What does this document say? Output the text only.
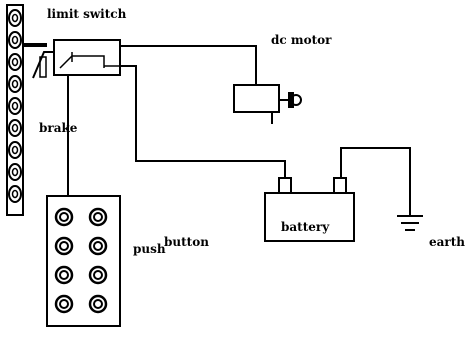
limit switch
dc motor
brake
battery
push
button	earth
